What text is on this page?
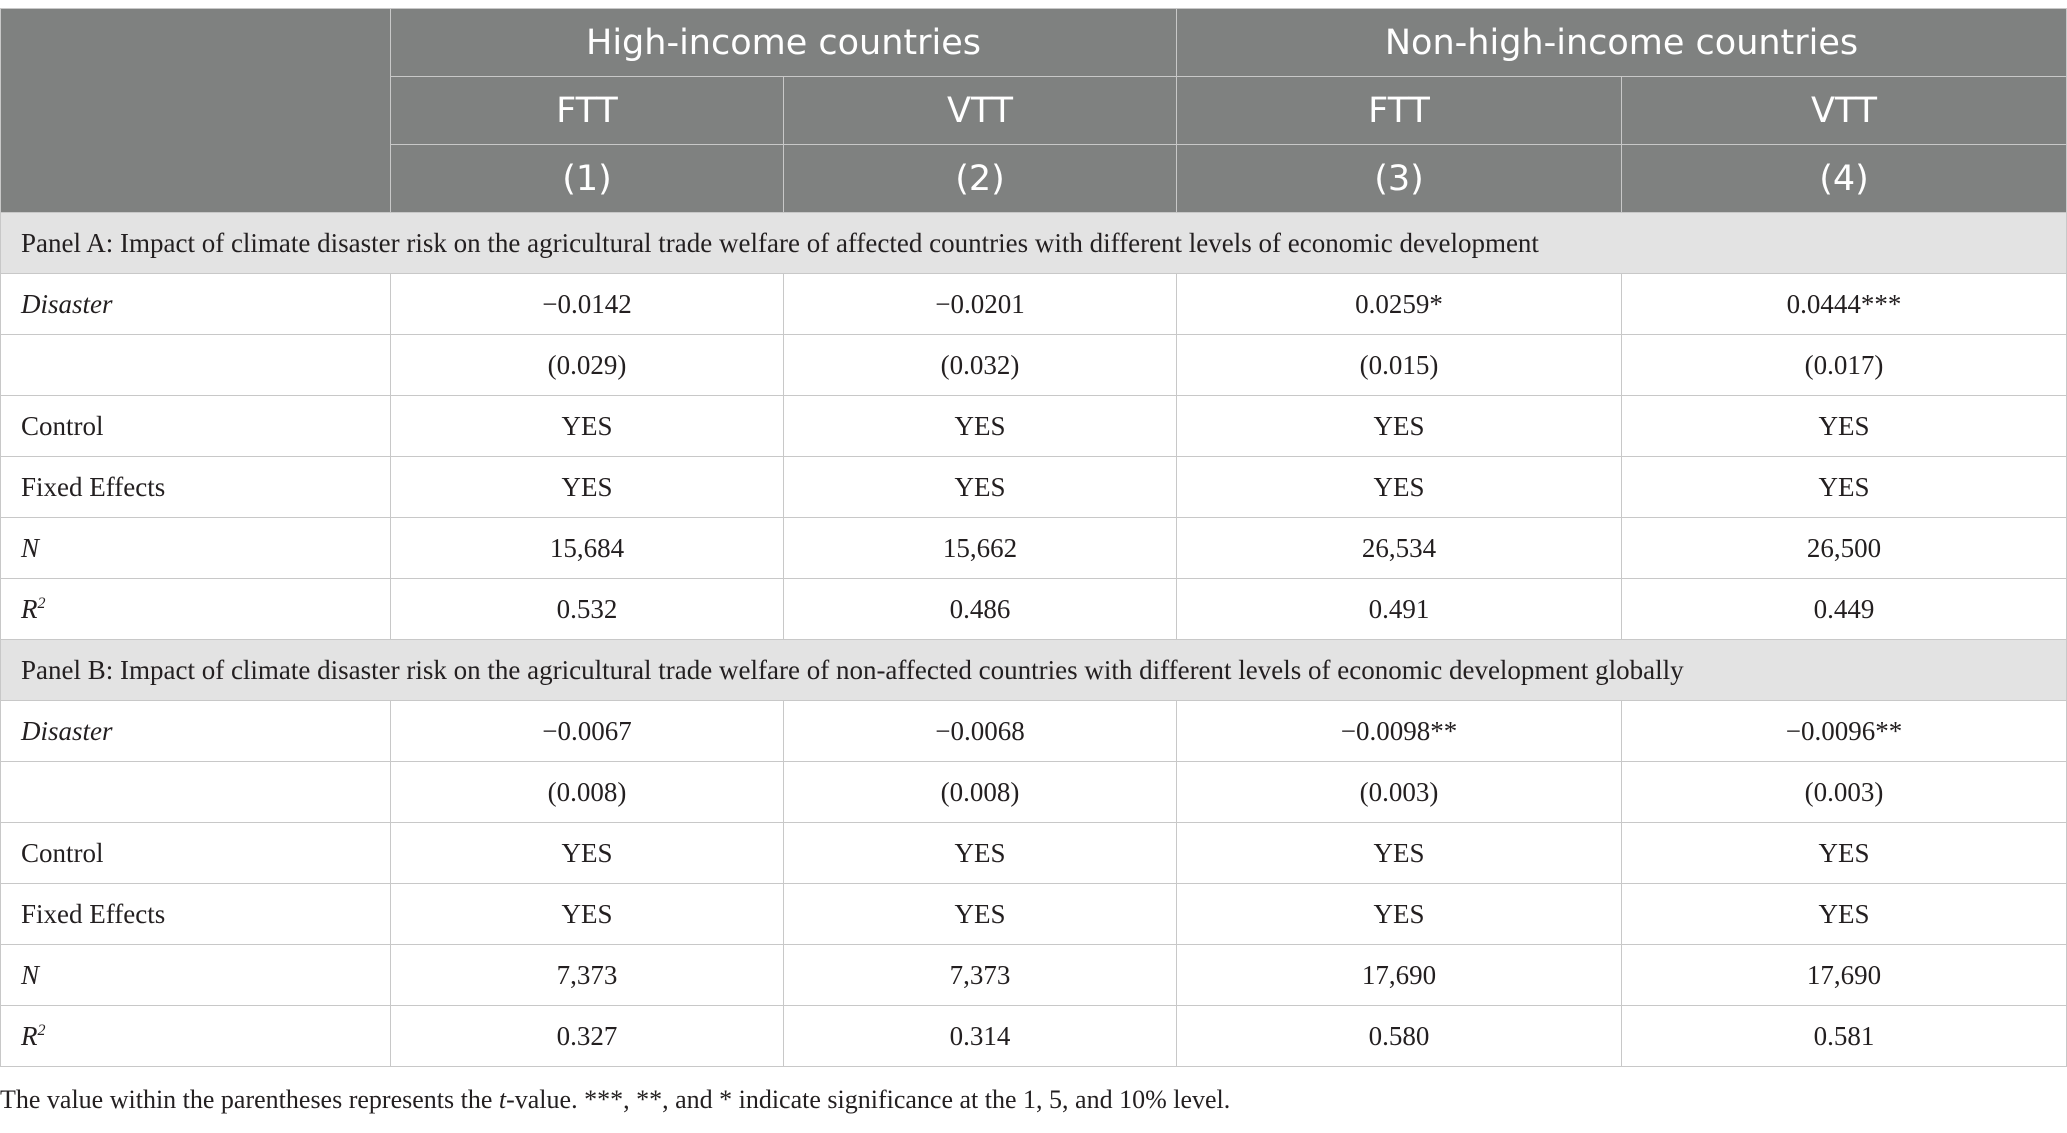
	High-income countries		Non-high-income countries	
	FTT	VTT	FTT	VTT
	(1)	(2)	(3)	(4)
Panel A: Impact of climate disaster risk on the agricultural trade welfare of affected countries with different levels of economic development				
Disaster	−0.0142	−0.0201	0.0259*	0.0444***
	(0.029)	(0.032)	(0.015)	(0.017)
Control	YES	YES	YES	YES
Fixed Effects	YES	YES	YES	YES
N	15,684	15,662	26,534	26,500
$R^2$	0.532	0.486	0.491	0.449
Panel B: Impact of climate disaster risk on the agricultural trade welfare of non-affected countries with different levels of economic development globally				
Disaster	−0.0067	−0.0068	−0.0098**	−0.0096**
	(0.008)	(0.008)	(0.003)	(0.003)
Control	YES	YES	YES	YES
Fixed Effects	YES	YES	YES	YES
N	7,373	7,373	17,690	17,690
$R^2$	0.327	0.314	0.580	0.581
The value within the parentheses represents the t-value. ***, **, and * indicate significance at the 1, 5, and 10% level.
